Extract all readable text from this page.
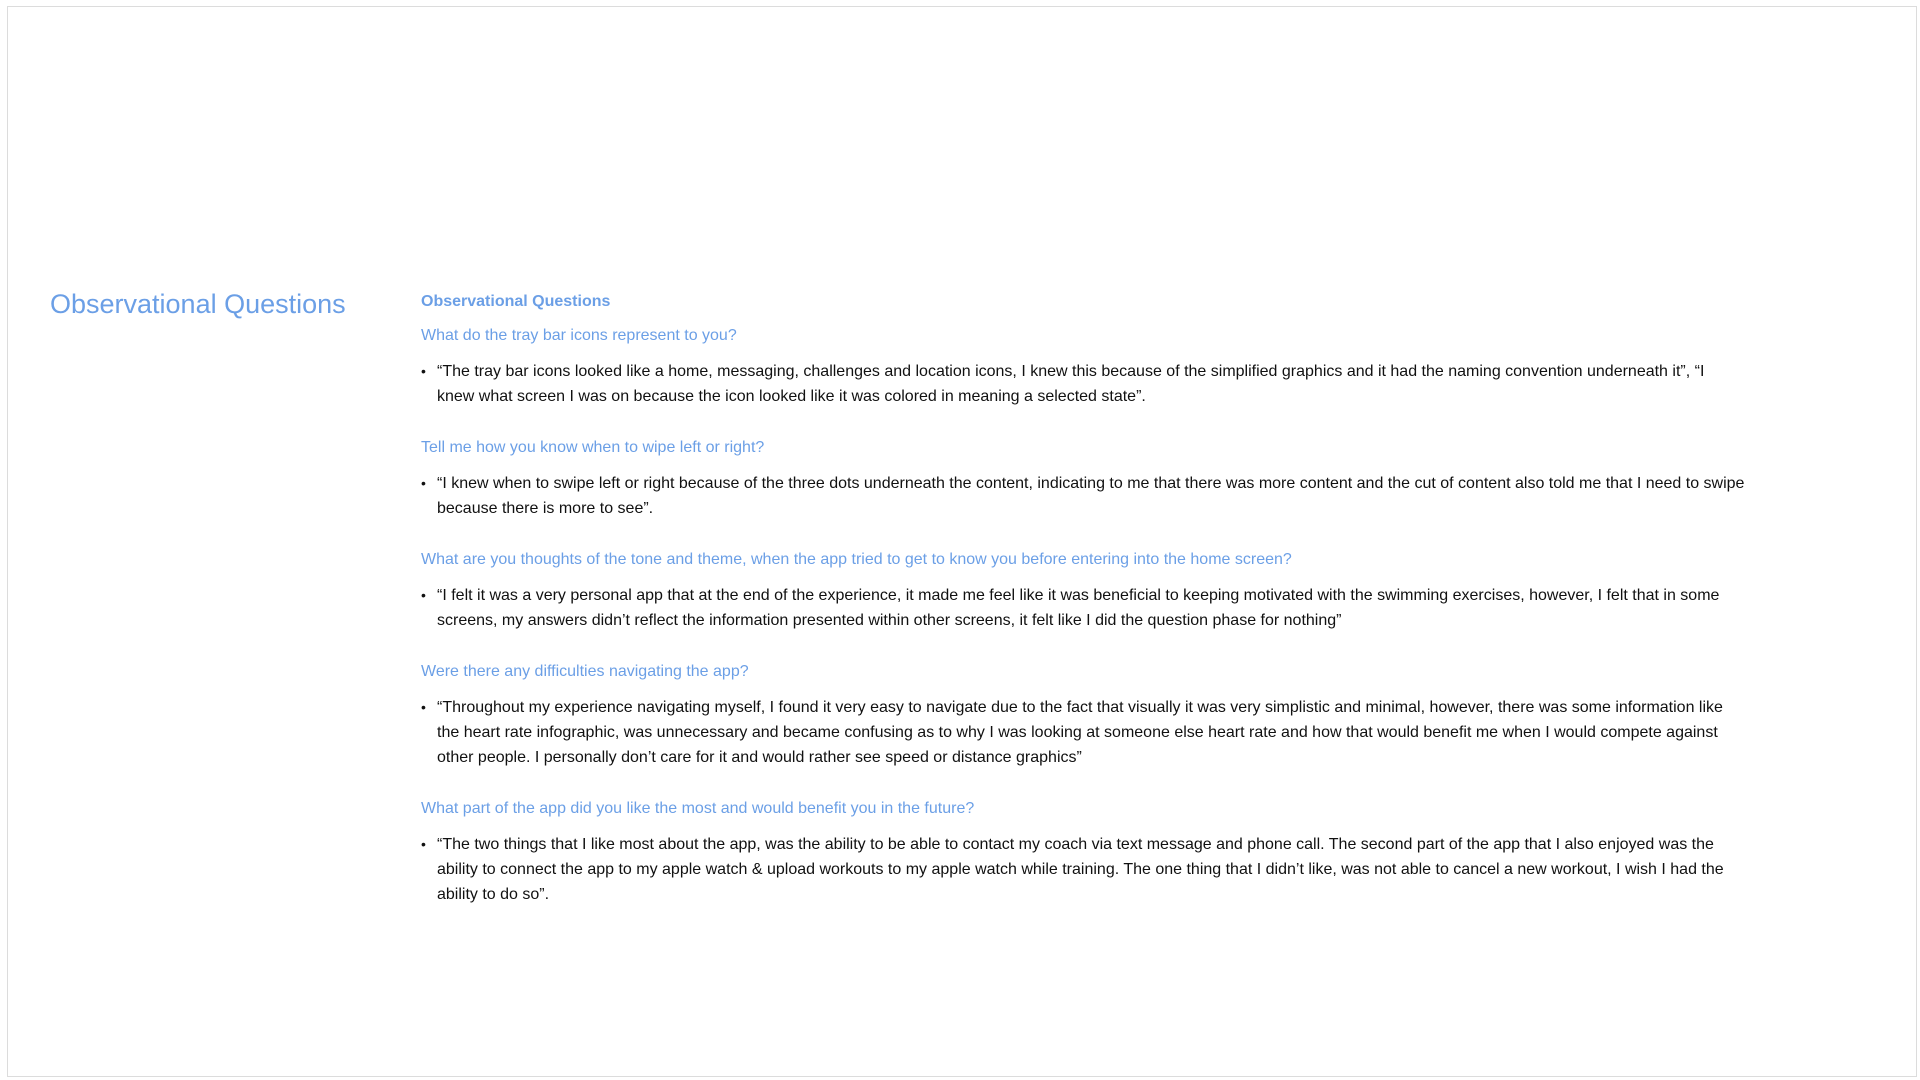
Observational Questions	Observational Questions
What do the tray bar icons represent to you?
• “The tray bar icons looked like a home, messaging, challenges and location icons, I knew this because of the simplified graphics and it had the naming convention underneath it”, “I knew what screen I was on because the icon looked like it was colored in meaning a selected state”.
Tell me how you know when to wipe left or right?
• “I knew when to swipe left or right because of the three dots underneath the content, indicating to me that there was more content and the cut of content also told me that I need to swipe because there is more to see”.
What are you thoughts of the tone and theme, when the app tried to get to know you before entering into the home screen?
• “I felt it was a very personal app that at the end of the experience, it made me feel like it was beneficial to keeping motivated with the swimming exercises, however, I felt that in some screens, my answers didn’t reflect the information presented within other screens, it felt like I did the question phase for nothing”
Were there any difficulties navigating the app?
• “Throughout my experience navigating myself, I found it very easy to navigate due to the fact that visually it was very simplistic and minimal, however, there was some information like the heart rate infographic, was unnecessary and became confusing as to why I was looking at someone else heart rate and how that would benefit me when I would compete against other people. I personally don’t care for it and would rather see speed or distance graphics”
What part of the app did you like the most and would benefit you in the future?
• “The two things that I like most about the app, was the ability to be able to contact my coach via text message and phone call. The second part of the app that I also enjoyed was the ability to connect the app to my apple watch & upload workouts to my apple watch while training. The one thing that I didn’t like, was not able to cancel a new workout, I wish I had the ability to do so”.
